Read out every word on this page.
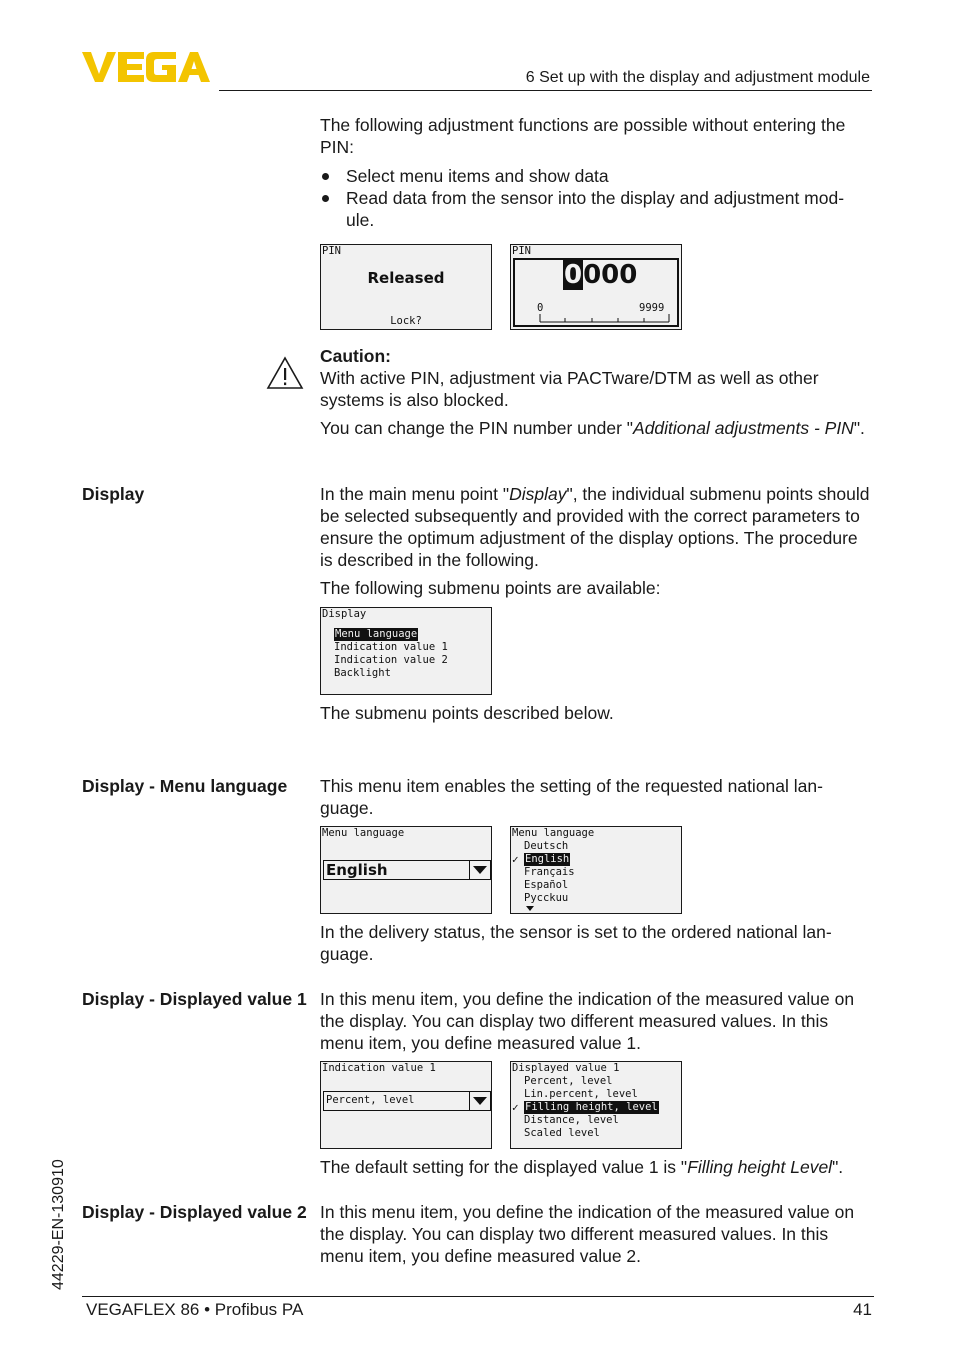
6 Set up with the display and adjustment module

The following adjustment functions are possible without entering the PIN:

Select menu items and show data

Read data from the sensor into the display and adjustment mod-ule.

PIN
Released
Lock?
PIN
0000
0	9999

Caution:

With active PIN, adjustment via PACTware/DTM as well as other systems is also blocked.

You can change the PIN number under "Additional adjustments - PIN".

Display	In the main menu point "Display", the individual submenu points should be selected subsequently and provided with the correct parameters to ensure the optimum adjustment of the display options. The procedure is described in the following.

The following submenu points are available:

Display
Menu language
Indication value 1
Indication value 2
Backlight
The submenu points described below.
Display - Menu language	This menu item enables the setting of the requested national lan-guage.
Menu language
English
Menu language
Deutsch
✓ English
Français
Español
Pycckuu
In the delivery status, the sensor is set to the ordered national lan-guage.
Display - Displayed value 1 In this menu item, you define the indication of the measured value on the display. You can display two different measured values. In this menu item, you define measured value 1.
Indication value 1
Percent, level
Displayed value 1
Percent, level
Lin.percent, level
✓ Filling height, level
Distance, level
Scaled level
The default setting for the displayed value 1 is "Filling height Level".
Display - Displayed value 2 In this menu item, you define the indication of the measured value on the display. You can display two different measured values. In this menu item, you define measured value 2.
44229-EN-130910
VEGAFLEX 86 • Profibus PA	41
